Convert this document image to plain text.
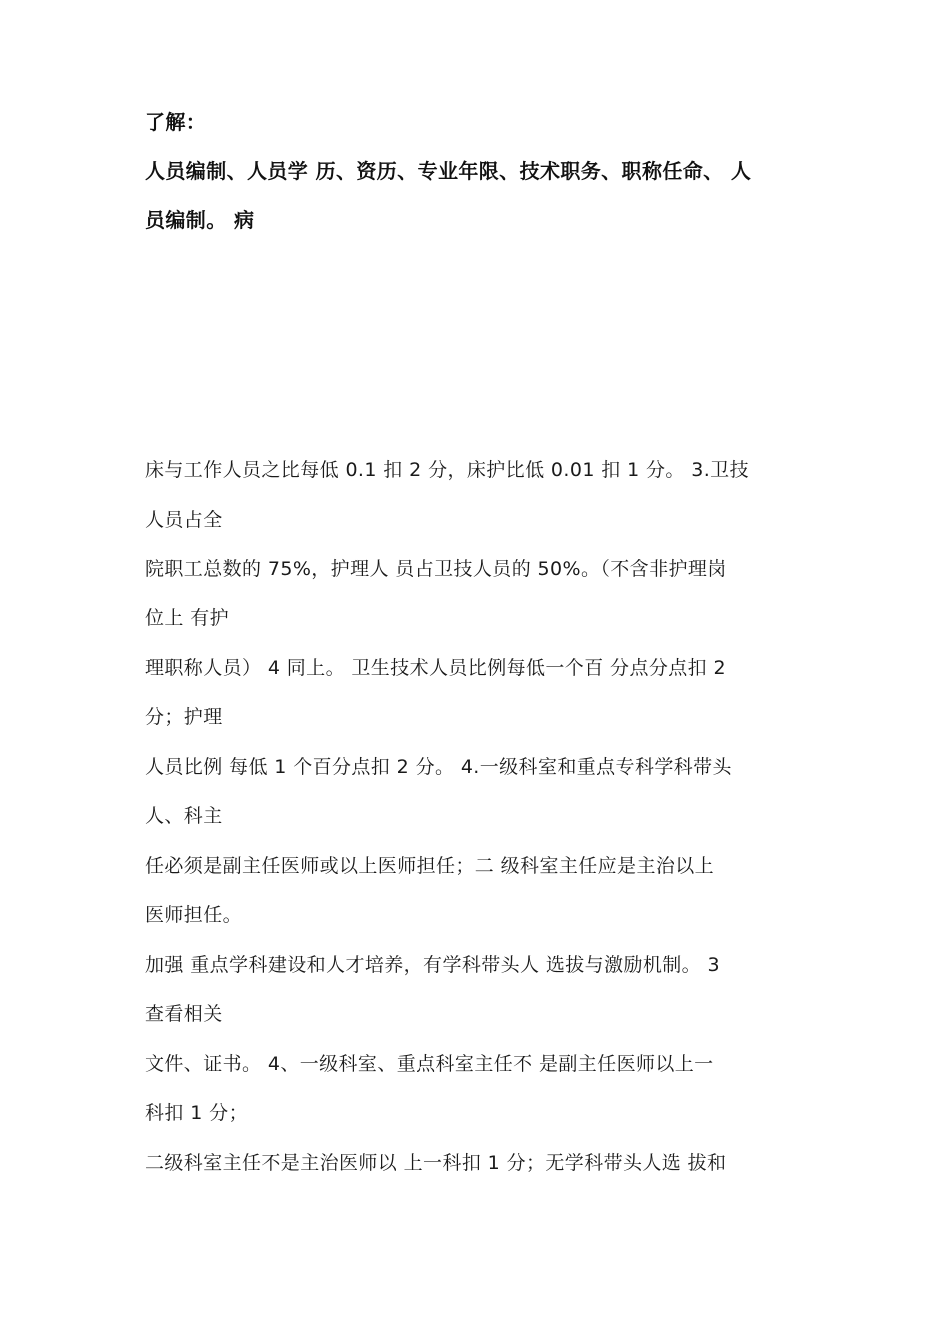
了解：
人员编制、人员学 历、资历、专业年限、技术职务、职称任命、 人
员编制。 病
床与工作人员之比每低 0.1 扣 2 分，床护比低 0.01 扣 1 分。 3.卫技
人员占全
院职工总数的 75%，护理人 员占卫技人员的 50%。（不含非护理岗
位上 有护
理职称人员） 4 同上。 卫生技术人员比例每低一个百 分点分点扣 2
分；护理
人员比例 每低 1 个百分点扣 2 分。 4.一级科室和重点专科学科带头
人、科主
任必须是副主任医师或以上医师担任；二 级科室主任应是主治以上
医师担任。
加强 重点学科建设和人才培养，有学科带头人 选拔与激励机制。 3
查看相关
文件、证书。 4、一级科室、重点科室主任不 是副主任医师以上一
科扣 1 分；
二级科室主任不是主治医师以 上一科扣 1 分；无学科带头人选 拔和
